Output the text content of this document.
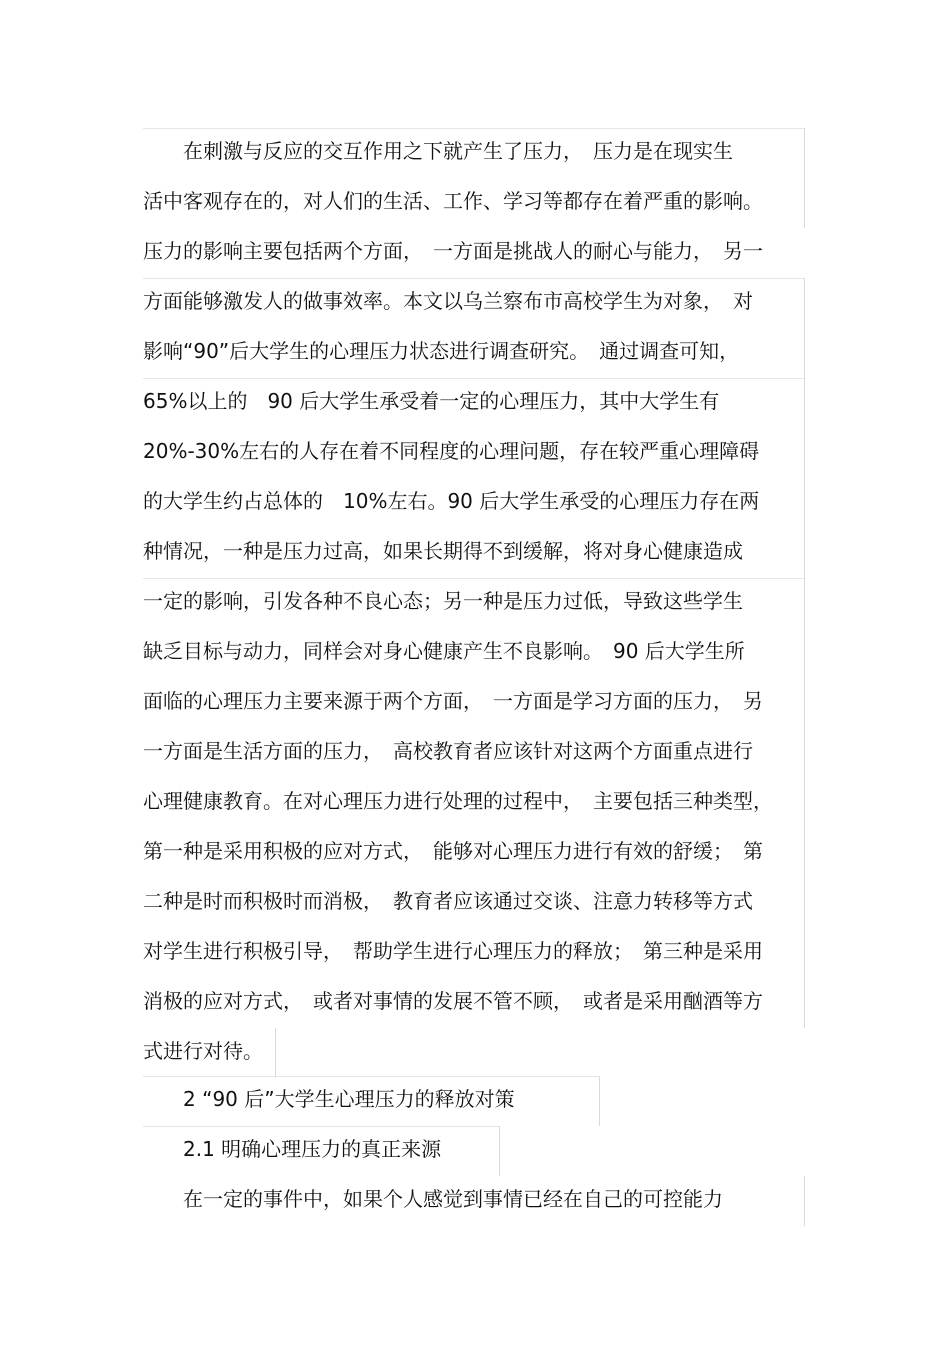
　　在刺激与反应的交互作用之下就产生了压力，　压力是在现实生
活中客观存在的，对人们的生活、工作、学习等都存在着严重的影响。
压力的影响主要包括两个方面，　一方面是挑战人的耐心与能力，　另一
方面能够激发人的做事效率。本文以乌兰察布市高校学生为对象，　对
影响“90”后大学生的心理压力状态进行调查研究。　通过调查可知，
65%以上的　90 后大学生承受着一定的心理压力，其中大学生有
20%-30%左右的人存在着不同程度的心理问题，存在较严重心理障碍
的大学生约占总体的　10%左右。90 后大学生承受的心理压力存在两
种情况，一种是压力过高，如果长期得不到缓解，将对身心健康造成
一定的影响，引发各种不良心态；另一种是压力过低，导致这些学生
缺乏目标与动力，同样会对身心健康产生不良影响。　90 后大学生所
面临的心理压力主要来源于两个方面，　一方面是学习方面的压力，　另
一方面是生活方面的压力，　高校教育者应该针对这两个方面重点进行
心理健康教育。在对心理压力进行处理的过程中，　主要包括三种类型，
第一种是采用积极的应对方式，　能够对心理压力进行有效的舒缓；　第
二种是时而积极时而消极，　教育者应该通过交谈、注意力转移等方式
对学生进行积极引导，　帮助学生进行心理压力的释放；　第三种是采用
消极的应对方式，　或者对事情的发展不管不顾，　或者是采用酗酒等方
式进行对待。
　　2 “90 后”大学生心理压力的释放对策
　　2.1 明确心理压力的真正来源
　　在一定的事件中，如果个人感觉到事情已经在自己的可控能力
